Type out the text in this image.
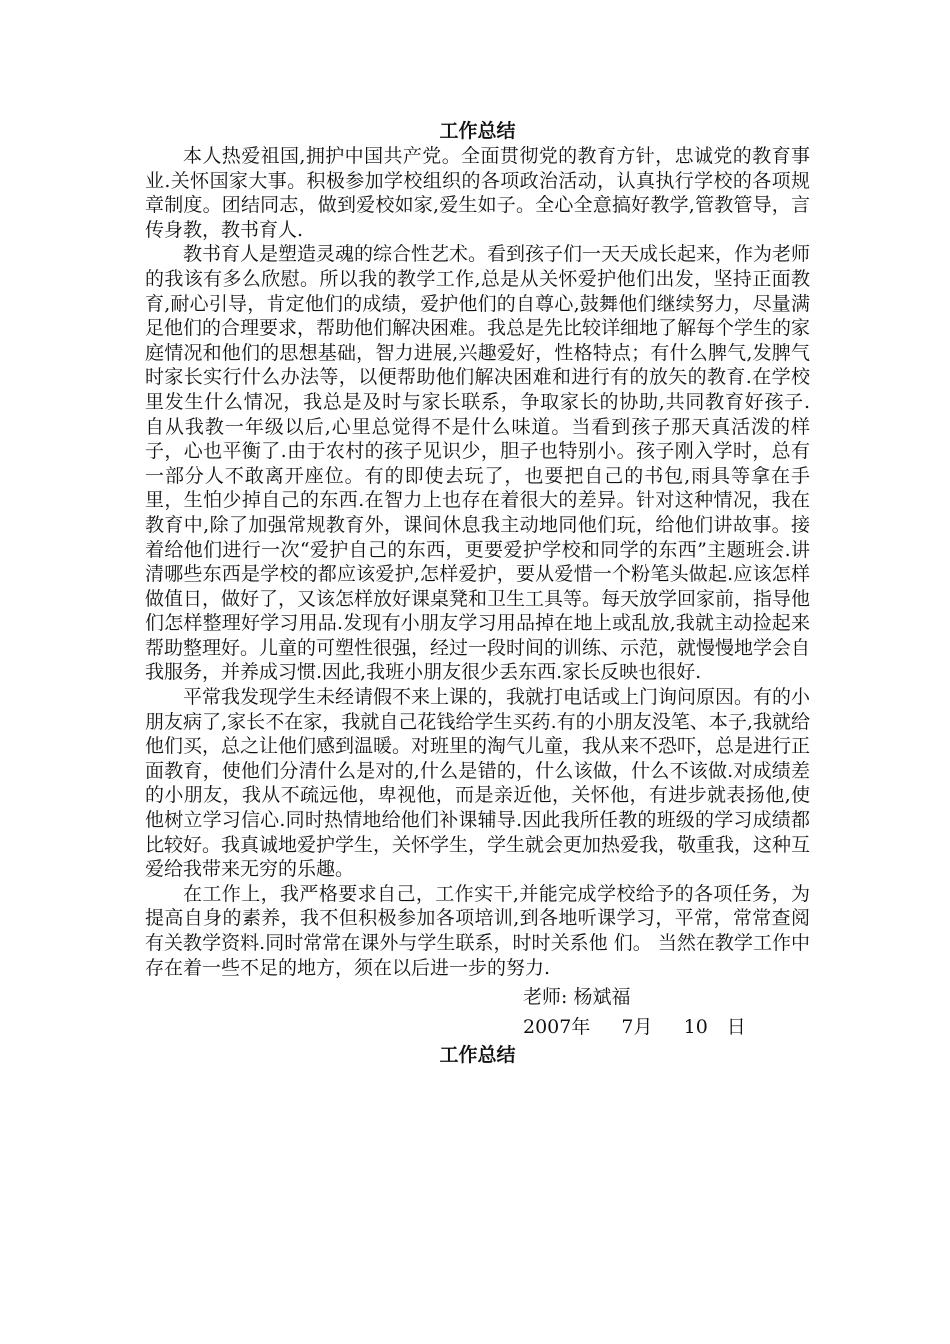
工作总结

本人热爱祖国,拥护中国共产党。全面贯彻党的教育方针，忠诚党的教育事业.关怀国家大事。积极参加学校组织的各项政治活动，认真执行学校的各项规章制度。团结同志，做到爱校如家,爱生如子。全心全意搞好教学,管教管导，言传身教，教书育人.

教书育人是塑造灵魂的综合性艺术。看到孩子们一天天成长起来，作为老师的我该有多么欣慰。所以我的教学工作,总是从关怀爱护他们出发，坚持正面教育,耐心引导，肯定他们的成绩，爱护他们的自尊心,鼓舞他们继续努力，尽量满足他们的合理要求，帮助他们解决困难。我总是先比较详细地了解每个学生的家庭情况和他们的思想基础，智力进展,兴趣爱好，性格特点；有什么脾气,发脾气时家长实行什么办法等，以便帮助他们解决困难和进行有的放矢的教育.在学校里发生什么情况，我总是及时与家长联系，争取家长的协助,共同教育好孩子.　　　自从我教一年级以后,心里总觉得不是什么味道。当看到孩子那天真活泼的样子，心也平衡了.由于农村的孩子见识少，胆子也特别小。孩子刚入学时，总有一部分人不敢离开座位。有的即使去玩了，也要把自己的书包,雨具等拿在手里，生怕少掉自己的东西.在智力上也存在着很大的差异。针对这种情况，我在教育中,除了加强常规教育外，课间休息我主动地同他们玩，给他们讲故事。接着给他们进行一次“爱护自己的东西，更要爱护学校和同学的东西”主题班会.讲清哪些东西是学校的都应该爱护,怎样爱护，要从爱惜一个粉笔头做起.应该怎样做值日，做好了，又该怎样放好课桌凳和卫生工具等。每天放学回家前，指导他们怎样整理好学习用品.发现有小朋友学习用品掉在地上或乱放,我就主动捡起来帮助整理好。儿童的可塑性很强，经过一段时间的训练、示范，就慢慢地学会自我服务，并养成习惯.因此,我班小朋友很少丢东西.家长反映也很好.

平常我发现学生未经请假不来上课的，我就打电话或上门询问原因。有的小朋友病了,家长不在家，我就自己花钱给学生买药.有的小朋友没笔、本子,我就给他们买，总之让他们感到温暖。对班里的淘气儿童，我从来不恐吓，总是进行正面教育，使他们分清什么是对的,什么是错的，什么该做，什么不该做.对成绩差的小朋友，我从不疏远他，卑视他，而是亲近他，关怀他，有进步就表扬他,使他树立学习信心.同时热情地给他们补课辅导.因此我所任教的班级的学习成绩都比较好。我真诚地爱护学生，关怀学生，学生就会更加热爱我，敬重我，这种互爱给我带来无穷的乐趣。

在工作上，我严格要求自己，工作实干,并能完成学校给予的各项任务，为提高自身的素养，我不但积极参加各项培训,到各地听课学习，平常，常常查阅有关教学资料.同时常常在课外与学生联系，时时关系他 们。 当然在教学工作中存在着一些不足的地方，须在以后进一步的努力.

老师: 杨斌福
2007年　  7月　  10　日
工作总结
